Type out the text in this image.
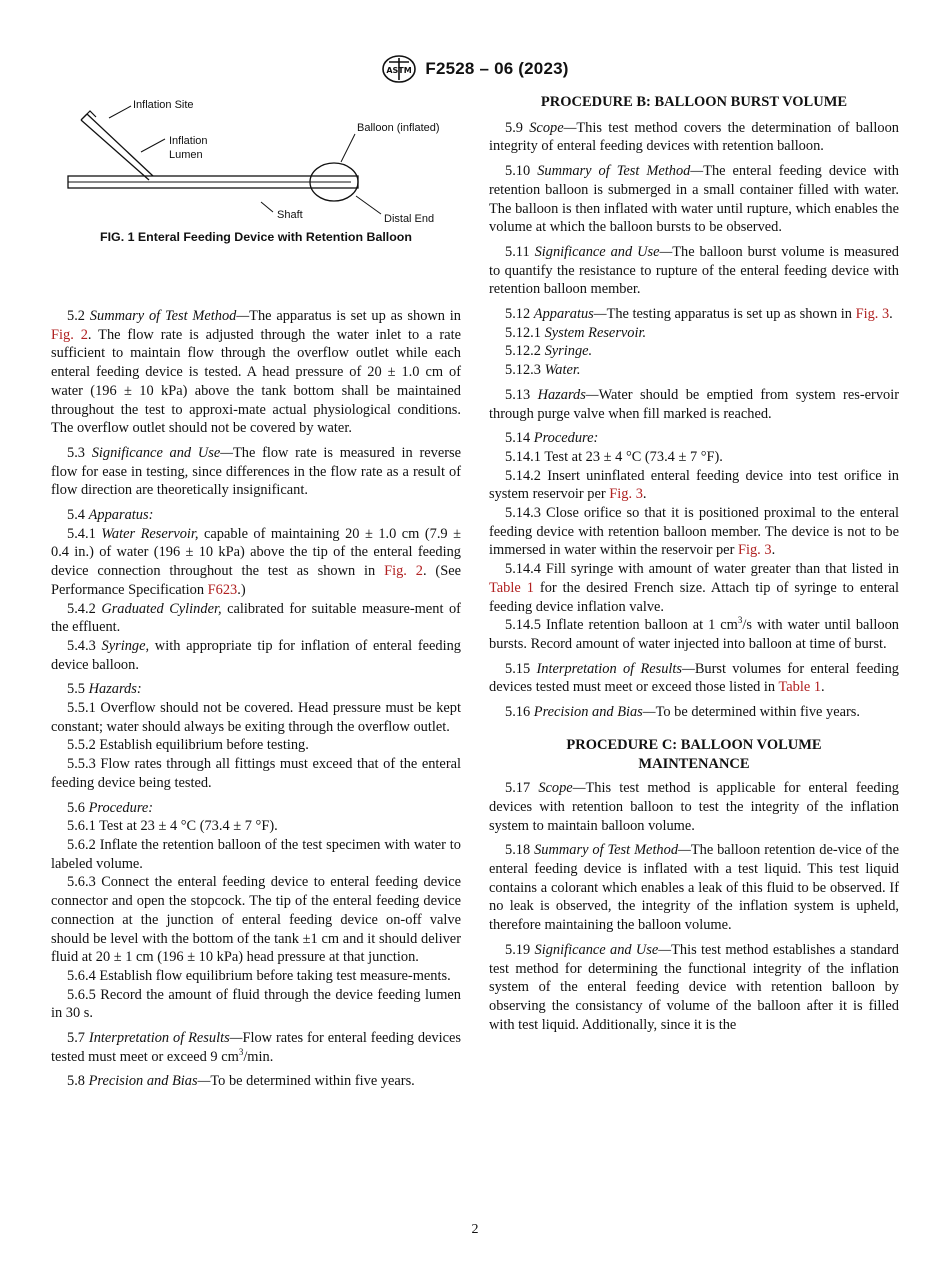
ASTM F2528 – 06 (2023)
Inflation Site
Inflation
Lumen
Balloon (inflated)
Shaft	Distal End
FIG. 1 Enteral Feeding Device with Retention Balloon

5.2 Summary of Test Method—The apparatus is set up as shown in Fig. 2. The flow rate is adjusted through the water inlet to a rate sufficient to maintain flow through the overflow outlet while each enteral feeding device is tested. A head pressure of 20 ± 1.0 cm of water (196 ± 10 kPa) above the tank bottom shall be maintained throughout the test to approxi-mate actual physiological conditions. The overflow outlet should not be covered by water.

5.3 Significance and Use—The flow rate is measured in reverse flow for ease in testing, since differences in the flow rate as a result of flow direction are theoretically insignificant.

5.4 Apparatus:

5.4.1 Water Reservoir, capable of maintaining 20 ± 1.0 cm (7.9 ± 0.4 in.) of water (196 ± 10 kPa) above the tip of the enteral feeding device connection throughout the test as shown in Fig. 2. (See Performance Specification F623.)

5.4.2 Graduated Cylinder, calibrated for suitable measure-ment of the effluent.

5.4.3 Syringe, with appropriate tip for inflation of enteral feeding device balloon.

5.5 Hazards:

5.5.1 Overflow should not be covered. Head pressure must be kept constant; water should always be exiting through the overflow outlet.

5.5.2 Establish equilibrium before testing.

5.5.3 Flow rates through all fittings must exceed that of the enteral feeding device being tested.

5.6 Procedure:

5.6.1 Test at 23 ± 4 °C (73.4 ± 7 °F).

5.6.2 Inflate the retention balloon of the test specimen with water to labeled volume.

5.6.3 Connect the enteral feeding device to enteral feeding device connector and open the stopcock. The tip of the enteral feeding device connection at the junction of enteral feeding device on-off valve should be level with the bottom of the tank ±1 cm and it should deliver fluid at 20 ± 1 cm (196 ± 10 kPa) head pressure at that junction.

5.6.4 Establish flow equilibrium before taking test measure-ments.

5.6.5 Record the amount of fluid through the device feeding lumen in 30 s.

5.7 Interpretation of Results—Flow rates for enteral feeding devices tested must meet or exceed 9 $cm^3/\min$.

5.8 Precision and Bias—To be determined within five years.

PROCEDURE B: BALLOON BURST VOLUME

5.9 Scope—This test method covers the determination of balloon integrity of enteral feeding devices with retention balloon.

5.10 Summary of Test Method—The enteral feeding device with retention balloon is submerged in a small container filled with water. The balloon is then inflated with water until rupture, which enables the volume at which the balloon bursts to be observed.

5.11 Significance and Use—The balloon burst volume is measured to quantify the resistance to rupture of the enteral feeding device with retention balloon member.

5.12 Apparatus—The testing apparatus is set up as shown in Fig. 3.

5.12.1 System Reservoir.

5.12.2 Syringe.

5.12.3 Water.

5.13 Hazards—Water should be emptied from system res-ervoir through purge valve when fill marked is reached.

5.14 Procedure:

5.14.1 Test at 23 ± 4 °C (73.4 ± 7 °F).

5.14.2 Insert uninflated enteral feeding device into test orifice in system reservoir per Fig. 3.

5.14.3 Close orifice so that it is positioned proximal to the enteral feeding device with retention balloon member. The device is not to be immersed in water within the reservoir per Fig. 3.

5.14.4 Fill syringe with amount of water greater than that listed in Table 1 for the desired French size. Attach tip of syringe to enteral feeding device inflation valve.

5.14.5 Inflate retention balloon at 1 $cm^3/s$ with water until balloon bursts. Record amount of water injected into balloon at time of burst.

5.15 Interpretation of Results—Burst volumes for enteral feeding devices tested must meet or exceed those listed in Table 1.

5.16 Precision and Bias—To be determined within five years.

PROCEDURE C: BALLOON VOLUME

MAINTENANCE

5.17 Scope—This test method is applicable for enteral feeding devices with retention balloon to test the integrity of the inflation system to maintain balloon volume.

5.18 Summary of Test Method—The balloon retention de-vice of the enteral feeding device is inflated with a test liquid. This test liquid contains a colorant which enables a leak of this fluid to be observed. If no leak is observed, the integrity of the inflation system is upheld, therefore maintaining the balloon volume.

5.19 Significance and Use—This test method establishes a standard test method for determining the functional integrity of the inflation system of the enteral feeding device with retention balloon by observing the consistancy of volume of the balloon after it is filled with test liquid. Additionally, since it is the

2
